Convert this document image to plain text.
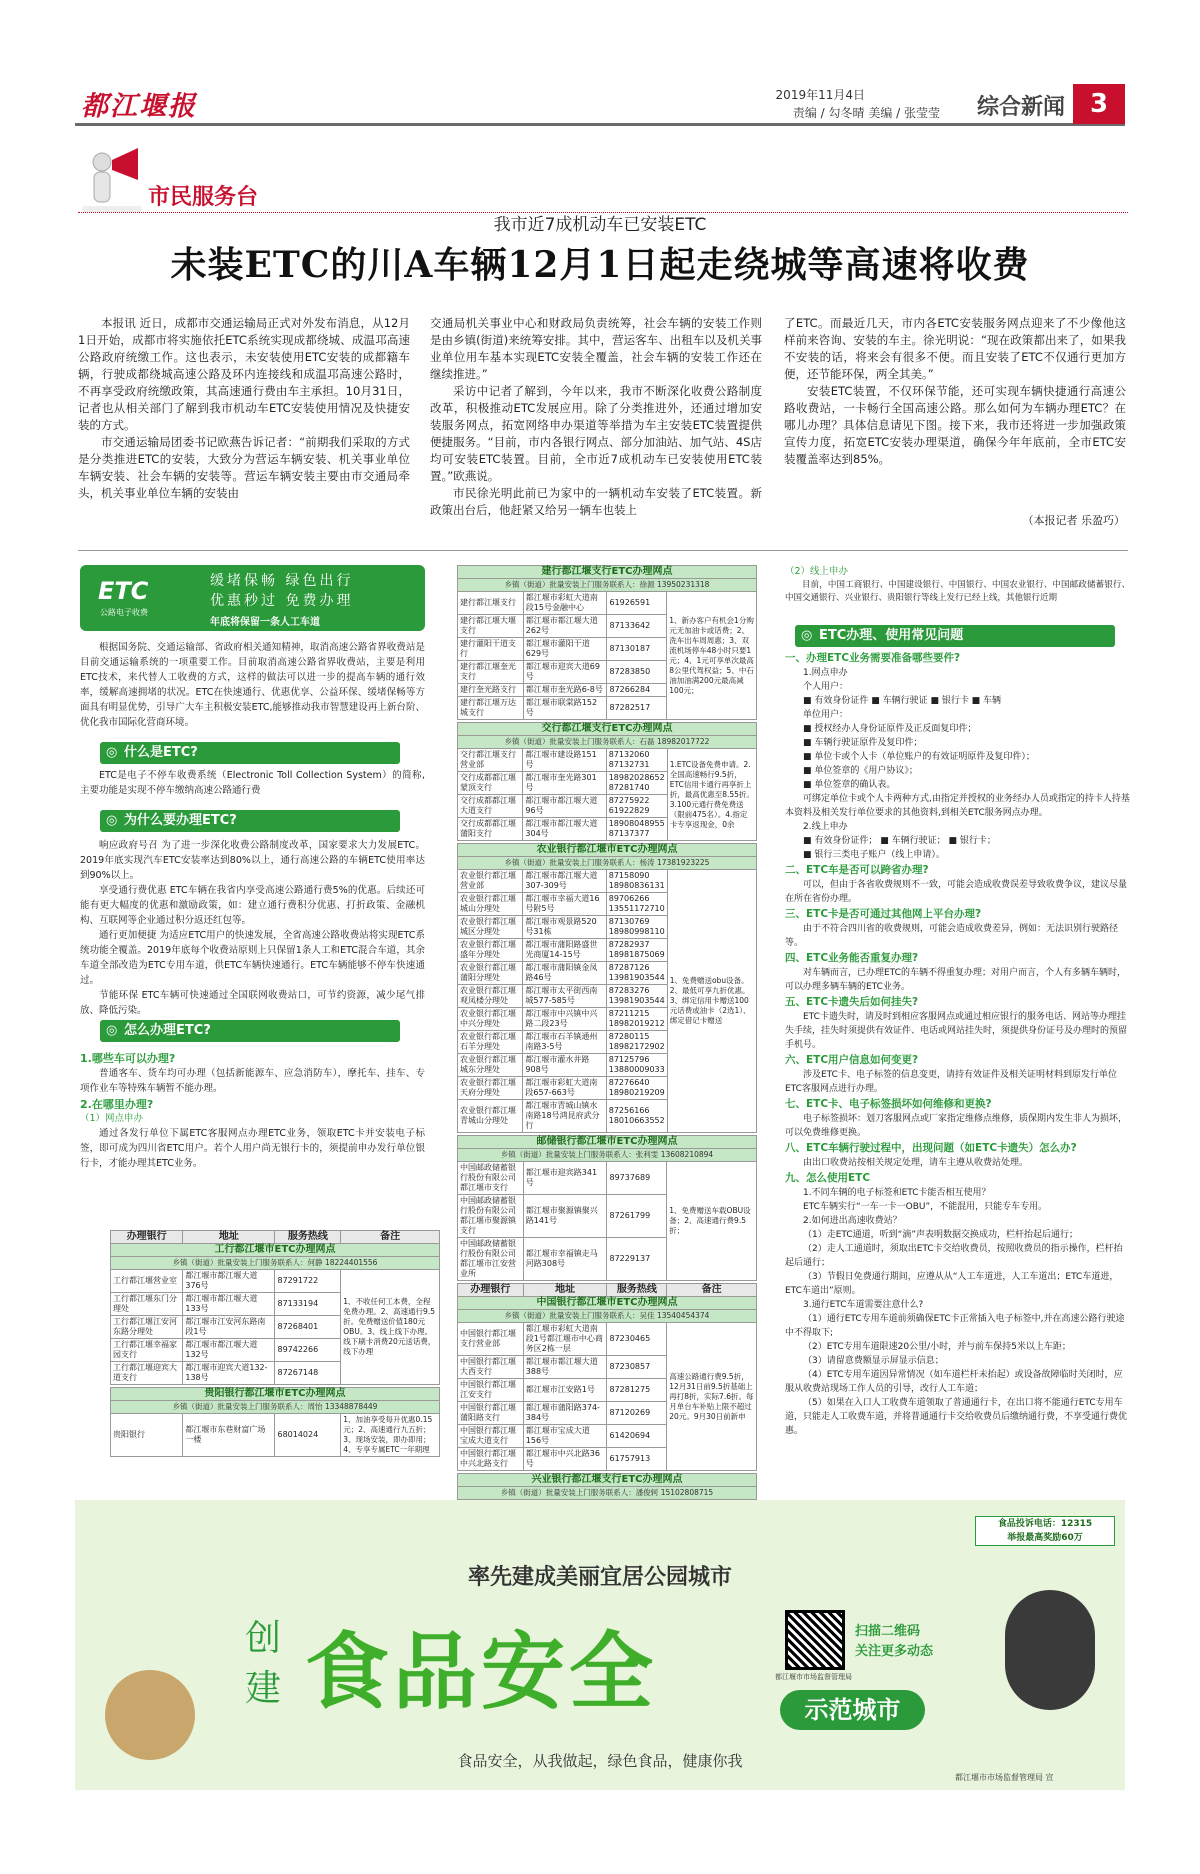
都江堰报	2019年11月4日
责编 / 勾冬晴 美编 / 张莹莹 综合新闻 3
市民服务台
我市近7成机动车已安装ETC
未装ETC的川A车辆12月1日起走绕城等高速将收费

本报讯 近日，成都市交通运输局正式对外发布消息，从12月1日开始，成都市将实施依托ETC系统实现成都绕城、成温邛高速公路政府统缴工作。这也表示，未安装使用ETC安装的成都籍车辆，行驶成都绕城高速公路及环内连接线和成温邛高速公路时，不再享受政府统缴政策，其高速通行费由车主承担。10月31日，记者也从相关部门了解到我市机动车ETC安装使用情况及快捷安装的方式。

市交通运输局团委书记欧燕告诉记者：“前期我们采取的方式是分类推进ETC的安装，大致分为营运车辆安装、机关事业单位车辆安装、社会车辆的安装等。营运车辆安装主要由市交通局牵头，机关事业单位车辆的安装由

交通局机关事业中心和财政局负责统筹，社会车辆的安装工作则是由乡镇(街道)来统筹安排。其中，营运客车、出租车以及机关事业单位用车基本实现ETC安装全覆盖，社会车辆的安装工作还在继续推进。”

采访中记者了解到，今年以来，我市不断深化收费公路制度改革，积极推动ETC发展应用。除了分类推进外，还通过增加安装服务网点，拓宽网络申办渠道等举措为车主安装ETC装置提供便捷服务。“目前，市内各银行网点、部分加油站、加气站、4S店均可安装ETC装置。目前，全市近7成机动车已安装使用ETC装置。”欧燕说。

市民徐光明此前已为家中的一辆机动车安装了ETC装置。新政策出台后，他赶紧又给另一辆车也装上

了ETC。而最近几天，市内各ETC安装服务网点迎来了不少像他这样前来咨询、安装的车主。徐光明说：“现在政策都出来了，如果我不安装的话，将来会有很多不便。而且安装了ETC不仅通行更加方便，还节能环保，两全其美。”

安装ETC装置，不仅环保节能，还可实现车辆快捷通行高速公路收费站，一卡畅行全国高速公路。那么如何为车辆办理ETC？在哪儿办理？具体信息请见下图。接下来，我市还将进一步加强政策宣传力度，拓宽ETC安装办理渠道，确保今年年底前，全市ETC安装覆盖率达到85%。

（本报记者 乐盈巧）
ETC
公路电子收费
缓堵保畅 绿色出行
优惠秒过 免费办理
年底将保留一条人工车道
根据国务院、交通运输部、省政府相关通知精神，取消高速公路省界收费站是目前交通运输系统的一项重要工作。目前取消高速公路省界收费站，主要是利用ETC技术，来代替人工收费的方式，这样的做法可以进一步的提高车辆的通行效率，缓解高速拥堵的状况。ETC在快速通行、优惠优享、公益环保、缓堵保畅等方面具有明显优势，引导广大车主积极安装ETC,能够推动我市智慧建设再上新台阶、优化我市国际化营商环境。
◎ 什么是ETC?
ETC是电子不停车收费系统（Electronic Toll Collection System）的简称,主要功能是实现不停车缴纳高速公路通行费
◎ 为什么要办理ETC?
响应政府号召 为了进一步深化收费公路制度改革，国家要求大力发展ETC。2019年底实现汽车ETC安装率达到80%以上，通行高速公路的车辆ETC使用率达到90%以上。
享受通行费优惠 ETC车辆在我省内享受高速公路通行费5%的优惠。后续还可能有更大幅度的优惠和激励政策，如：建立通行费积分优惠、打折政策、金融机构、互联网等企业通过积分返还红包等。
通行更加便捷 为适应ETC用户的快速发展，全省高速公路收费站将实现ETC系统功能全覆盖。2019年底每个收费站原则上只保留1条人工和ETC混合车道，其余车道全部改造为ETC专用车道，供ETC车辆快速通行。ETC车辆能够不停车快速通过。
节能环保 ETC车辆可快速通过全国联网收费站口，可节约资源，减少尾气排放、降低污染。
◎ 怎么办理ETC?
1.哪些车可以办理?
普通客车、货车均可办理（包括新能源车、应急消防车），摩托车、挂车、专项作业车等特殊车辆暂不能办理。
2.在哪里办理?
（1）网点申办
通过各发行单位下属ETC客服网点办理ETC业务，领取ETC卡并安装电子标签，即可成为四川省ETC用户。若个人用户尚无银行卡的，须提前申办发行单位银行卡，才能办理其ETC业务。
办理银行	地址	服务热线	备注
工行都江堰市ETC办理网点			
乡镇（街道）批量安装上门服务联系人：何静 18224401556			
工行都江堰营业室	都江堰市都江堰大道376号	87291722	1、不收任何工本费，全程免费办理。2、高速通行9.5折。免费赠送价值180元OBU。3、线上线下办理。线下刷卡消费20元送话费，线下办理
工行都江堰东门分理处	都江堰市都江堰大道133号	87133194	
工行都江堰江安河东路分理处	都江堰市江安河东路南段1号	87268401	
工行都江堰幸福家园支行	都江堰市都江堰大道132号	89742266	
工行都江堰迎宾大道支行	都江堰市迎宾大道132-138号	87267148	
贵阳银行都江堰市ETC办理网点
乡镇（街道）批量安装上门服务联系人：周怡 13348878449
贵阳银行	都江堰市东巷财富广场一楼	68014024	1、加油享受每升优惠0.15元；2、高速通行九五折；3、现场安装，即办即用；4、专享专属ETC一年期理
建行都江堰支行ETC办理网点			
乡镇（街道）批量安装上门服务联系人：徐源 13950231318			
建行都江堰支行	都江堰市彩虹大道南段15号金融中心	61926591	1、新办客户有机会1分购元无加油卡或话费；2、洗车出车周周惠；3、双流机场停车48小时只要1元；4、1元可享单次最高8公里代驾权益；5、中石油加油满200元最高减100元；
建行都江堰大堰支行	都江堰市都江堰大道262号	87133642	
建行灌阳干道支行	都江堰市灌阳干道629号	87130187	
建行都江堰奎光支行	都江堰市迎宾大道69号	87283850	
建行奎光路支行	都江堰市奎光路6-8号	87266284	
建行都江堰万达城支行	都江堰市联棠路152号	87282517	
交行都江堰支行ETC办理网点			
乡镇（街道）批量安装上门服务联系人：石磊 18982017722			
交行都江堰支行营业部	都江堰市建设路151号	87132060 87132731	1.ETC设备免费申请。2.全国高速畅行9.5折，ETC信用卡通行再享折上折，最高优惠至8.55折。3.100元通行费免费送（限前475名）。4.指定卡专享返现金，0余
交行成都都江堰蒙顶支行	都江堰市奎光路301号	18982028652 87281740	
交行成都都江堰大道支行	都江堰市都江堰大道96号	87275922 61922829	
交行成都都江堰蒲阳支行	都江堰市都江堰大道304号	18908048955 87137377	
农业银行都江堰市ETC办理网点			
乡镇（街道）批量安装上门服务联系人：杨涛 17381923225			
农业银行都江堰营业部	都江堰市都江堰大道307-309号	87158090 18980836131	1、免费赠送obu设备。2、最低可享九折优惠。3、绑定信用卡赠送100元话费或油卡（2选1）、绑定借记卡赠送
农业银行都江堰城山分理处	都江堰市幸福大道16号附5号	89706266 13551172710	
农业银行都江堰城区分理处	都江堰市观景路520号31栋	87130769 18980998110	
农业银行都江堰盛年分理处	都江堰市蒲阳路盛世光商厦14-15号	87282937 18981875069	
农业银行都江堰蒲阳分理处	都江堰市蒲阳镇金凤路46号	87287126 13981903544	
农业银行都江堰观凤楼分理处	都江堰市太平街西南城577-585号	87283276 13981903544	
农业银行都江堰中兴分理处	都江堰市中兴镇中兴路二段23号	87211215 18982019212	
农业银行都江堰石羊分理处	都江堰市石羊镇通州南路3-5号	87280115 18982172902	
农业银行都江堰城东分理处	都江堰市灌水井路908号	87125796 13880009033	
农业银行都江堰天府分理处	都江堰市彩虹大道南段657-663号	87276640 18980219209	
农业银行都江堰青城山分理处	都江堰市青城山镇水南路18号鸿昆府武分行	87256166 18010663552	
邮储银行都江堰市ETC办理网点			
乡镇（街道）批量安装上门服务联系人：张利雯 13608210894			
中国邮政储蓄银行股份有限公司都江堰市支行	都江堰市迎宾路341号	89737689	1、免费赠送车载OBU设备；2、高速通行费9.5折；
中国邮政储蓄银行股份有限公司都江堰市聚源镇支行	都江堰市聚源镇聚兴路141号	87261799	
中国邮政储蓄银行股份有限公司都江堰市江安营业所	都江堰市幸福镇走马河路308号	87229137	
办理银行	地址	服务热线	备注
中国银行都江堰市ETC办理网点			
乡镇（街道）批量安装上门服务联系人：吴佳 13540454374			
中国银行都江堰支行营业部	都江堰市彩虹大道南段1号都江堰市中心商务区2栋一层	87230465	高速公路通行费9.5折，12月31日前9.5折基础上再打8折，实际7.6折。每月单台车补贴上限不超过20元。9月30日前新申
中国银行都江堰大西支行	都江堰市都江堰大道388号	87230857	
中国银行都江堰江安支行	都江堰市江安路1号	87281275	
中国银行都江堰蒲阳路支行	都江堰市蒲阳路374-384号	87120269	
中国银行都江堰宝成大道支行	都江堰市宝成大道156号	61420694	
中国银行都江堰中兴北路支行	都江堰市中兴北路36号	61757913	
兴业银行都江堰支行ETC办理网点			
乡镇（街道）批量安装上门服务联系人：潘俊轲 15102808715			

（2）线上申办
目前，中国工商银行、中国建设银行、中国银行、中国农业银行、中国邮政储蓄银行、中国交通银行、兴业银行、贵阳银行等线上发行已经上线，其他银行近期
◎ ETC办理、使用常见问题
一、办理ETC业务需要准备哪些要件?
1.网点申办
个人用户：
■ 有效身份证件 ■ 车辆行驶证 ■ 银行卡 ■ 车辆
单位用户：
■ 授权经办人身份证原件及正反面复印件；
■ 车辆行驶证原件及复印件；
■ 单位卡或个人卡（单位账户的有效证明原件及复印件）；
■ 单位签章的《用户协议》；
■ 单位签章的确认表。
可绑定单位卡或个人卡两种方式,由指定并授权的业务经办人员或指定的持卡人持基本资料及相关发行单位要求的其他资料,到相关ETC服务网点办理。
2.线上申办
■ 有效身份证件； ■ 车辆行驶证； ■ 银行卡；
■ 银行三类电子账户（线上申请）。
二、ETC车是否可以跨省办理?
可以，但由于各省收费规则不一致，可能会造成收费误差导致收费争议，建议尽量在所在省份办理。
三、ETC卡是否可通过其他网上平台办理?
由于不符合四川省的收费规则，可能会造成收费差异，例如：无法识别行驶路径等。
四、ETC业务能否重复办理?
对车辆而言，已办理ETC的车辆不得重复办理；对用户而言，个人有多辆车辆时，可以办理多辆车辆的ETC业务。
五、ETC卡遗失后如何挂失?
ETC卡遗失时，请及时到相应客服网点或通过相应银行的服务电话、网站等办理挂失手续，挂失时须提供有效证件、电话或网站挂失时，须提供身份证号及办理时的预留手机号。
六、ETC用户信息如何变更?
涉及ETC卡、电子标签的信息变更，请持有效证件及相关证明材料到原发行单位ETC客服网点进行办理。
七、ETC卡、电子标签损坏如何维修和更换?
电子标签损坏：划刀客服网点或厂家指定维修点维修，质保期内发生非人为损坏，可以免费维修更换。
八、ETC车辆行驶过程中，出现问题（如ETC卡遗失）怎么办?
由出口收费站按相关规定处理，请车主遵从收费站处理。
九、怎么使用ETC
1.不同车辆的电子标签和ETC卡能否相互使用？
ETC车辆实行“一车一卡一OBU”，不能混用，只能专车专用。
2.如何进出高速收费站？
（1）走ETC通道，听到“滴”声表明数据交换成功，栏杆抬起后通行；
（2）走人工通道时，须取出ETC卡交给收费员，按照收费员的指示操作，栏杆抬起后通行；
（3）节假日免费通行期间，应遵从从“人工车道进，人工车道出；ETC车道进，ETC车道出”原则。
3.通行ETC车道需要注意什么?
（1）通行ETC专用车道前须确保ETC卡正常插入电子标签中,并在高速公路行驶途中不得取下;
（2）ETC专用车道限速20公里/小时，并与前车保持5米以上车距；
（3）请留意费额显示屏显示信息；
（4）ETC专用车道因异常情况（如车道栏杆未抬起）或设备故障临时关闭时，应服从收费站现场工作人员的引导，改行人工车道；
（5）如果在入口人工收费车道领取了普通通行卡，在出口将不能通行ETC专用车道，只能走人工收费车道，并将普通通行卡交给收费员后缴纳通行费，不享受通行费优惠。
食品投诉电话：12315
举报最高奖励60万
率先建成美丽宜居公园城市
创
建 食品安全	示范城市
都江堰市市场监督管理局
扫描二维码
关注更多动态
食品安全，从我做起，绿色食品，健康你我
都江堰市市场监督管理局 宣
